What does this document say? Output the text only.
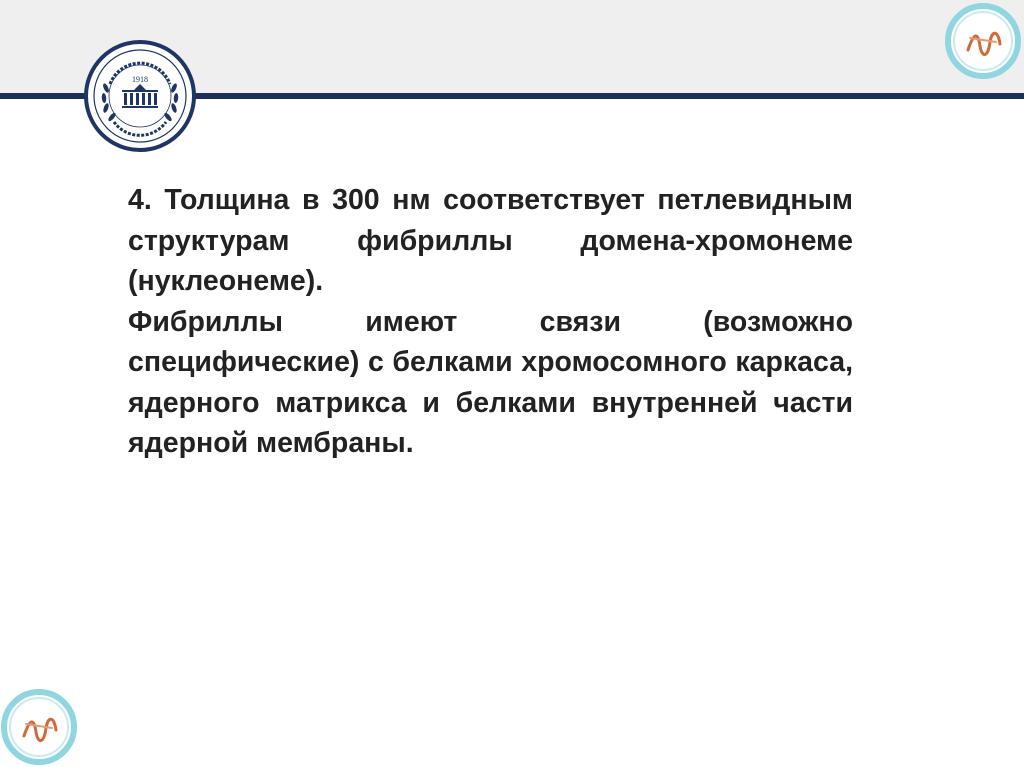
1918

4. Толщина в 300 нм соответствует петлевидным структурам фибриллы домена-хромонеме (нуклеонеме).

Фибриллы имеют связи (возможно специфические) с белками хромосомного каркаса, ядерного матрикса и белками внутренней части ядерной мембраны.
